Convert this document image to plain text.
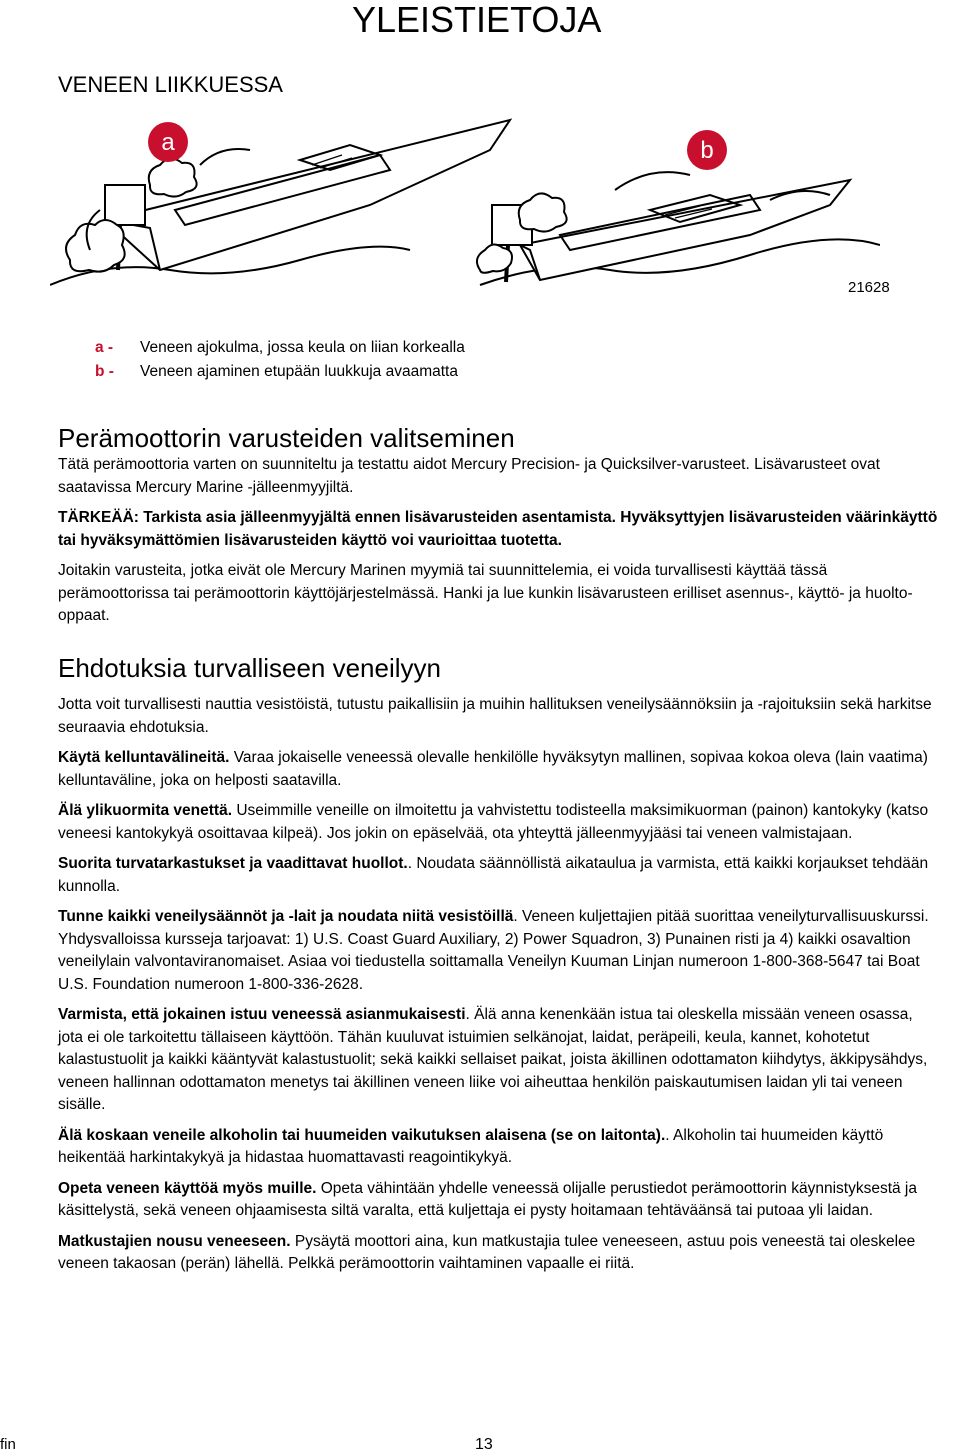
YLEISTIETOJA
VENEEN LIIKKUESSA
a	b
21628
a -	Veneen ajokulma, jossa keula on liian korkealla
b -	Veneen ajaminen etupään luukkuja avaamatta
Perämoottorin varusteiden valitseminen

Tätä perämoottoria varten on suunniteltu ja testattu aidot Mercury Precision- ja Quicksilver-varusteet. Lisävarusteet ovat saatavissa Mercury Marine -jälleenmyyjiltä.

TÄRKEÄÄ: Tarkista asia jälleenmyyjältä ennen lisävarusteiden asentamista. Hyväksyttyjen lisävarusteiden väärinkäyttö tai hyväksymättömien lisävarusteiden käyttö voi vaurioittaa tuotetta.

Joitakin varusteita, jotka eivät ole Mercury Marinen myymiä tai suunnittelemia, ei voida turvallisesti käyttää tässä perämoottorissa tai perämoottorin käyttöjärjestelmässä. Hanki ja lue kunkin lisävarusteen erilliset asennus-, käyttö- ja huolto-oppaat.

Ehdotuksia turvalliseen veneilyyn

Jotta voit turvallisesti nauttia vesistöistä, tutustu paikallisiin ja muihin hallituksen veneilysäännöksiin ja -rajoituksiin sekä harkitse seuraavia ehdotuksia.

Käytä kelluntavälineitä. Varaa jokaiselle veneessä olevalle henkilölle hyväksytyn mallinen, sopivaa kokoa oleva (lain vaatima) kelluntaväline, joka on helposti saatavilla.

Älä ylikuormita venettä. Useimmille veneille on ilmoitettu ja vahvistettu todisteella maksimikuorman (painon) kantokyky (katso veneesi kantokykyä osoittavaa kilpeä). Jos jokin on epäselvää, ota yhteyttä jälleenmyyjääsi tai veneen valmistajaan.

Suorita turvatarkastukset ja vaadittavat huollot.. Noudata säännöllistä aikataulua ja varmista, että kaikki korjaukset tehdään kunnolla.

Tunne kaikki veneilysäännöt ja -lait ja noudata niitä vesistöillä. Veneen kuljettajien pitää suorittaa veneilyturvallisuuskurssi. Yhdysvalloissa kursseja tarjoavat: 1) U.S. Coast Guard Auxiliary, 2) Power Squadron, 3) Punainen risti ja 4) kaikki osavaltion veneilylain valvontaviranomaiset. Asiaa voi tiedustella soittamalla Veneilyn Kuuman Linjan numeroon 1-800-368-5647 tai Boat U.S. Foundation numeroon 1-800-336-2628.

Varmista, että jokainen istuu veneessä asianmukaisesti. Älä anna kenenkään istua tai oleskella missään veneen osassa, jota ei ole tarkoitettu tällaiseen käyttöön. Tähän kuuluvat istuimien selkänojat, laidat, peräpeili, keula, kannet, kohotetut kalastustuolit ja kaikki kääntyvät kalastustuolit; sekä kaikki sellaiset paikat, joista äkillinen odottamaton kiihdytys, äkkipysähdys, veneen hallinnan odottamaton menetys tai äkillinen veneen liike voi aiheuttaa henkilön paiskautumisen laidan yli tai veneen sisälle.

Älä koskaan veneile alkoholin tai huumeiden vaikutuksen alaisena (se on laitonta).. Alkoholin tai huumeiden käyttö heikentää harkintakykyä ja hidastaa huomattavasti reagointikykyä.

Opeta veneen käyttöä myös muille. Opeta vähintään yhdelle veneessä olijalle perustiedot perämoottorin käynnistyksestä ja käsittelystä, sekä veneen ohjaamisesta siltä varalta, että kuljettaja ei pysty hoitamaan tehtäväänsä tai putoaa yli laidan.

Matkustajien nousu veneeseen. Pysäytä moottori aina, kun matkustajia tulee veneeseen, astuu pois veneestä tai oleskelee veneen takaosan (perän) lähellä. Pelkkä perämoottorin vaihtaminen vapaalle ei riitä.

fin	13
